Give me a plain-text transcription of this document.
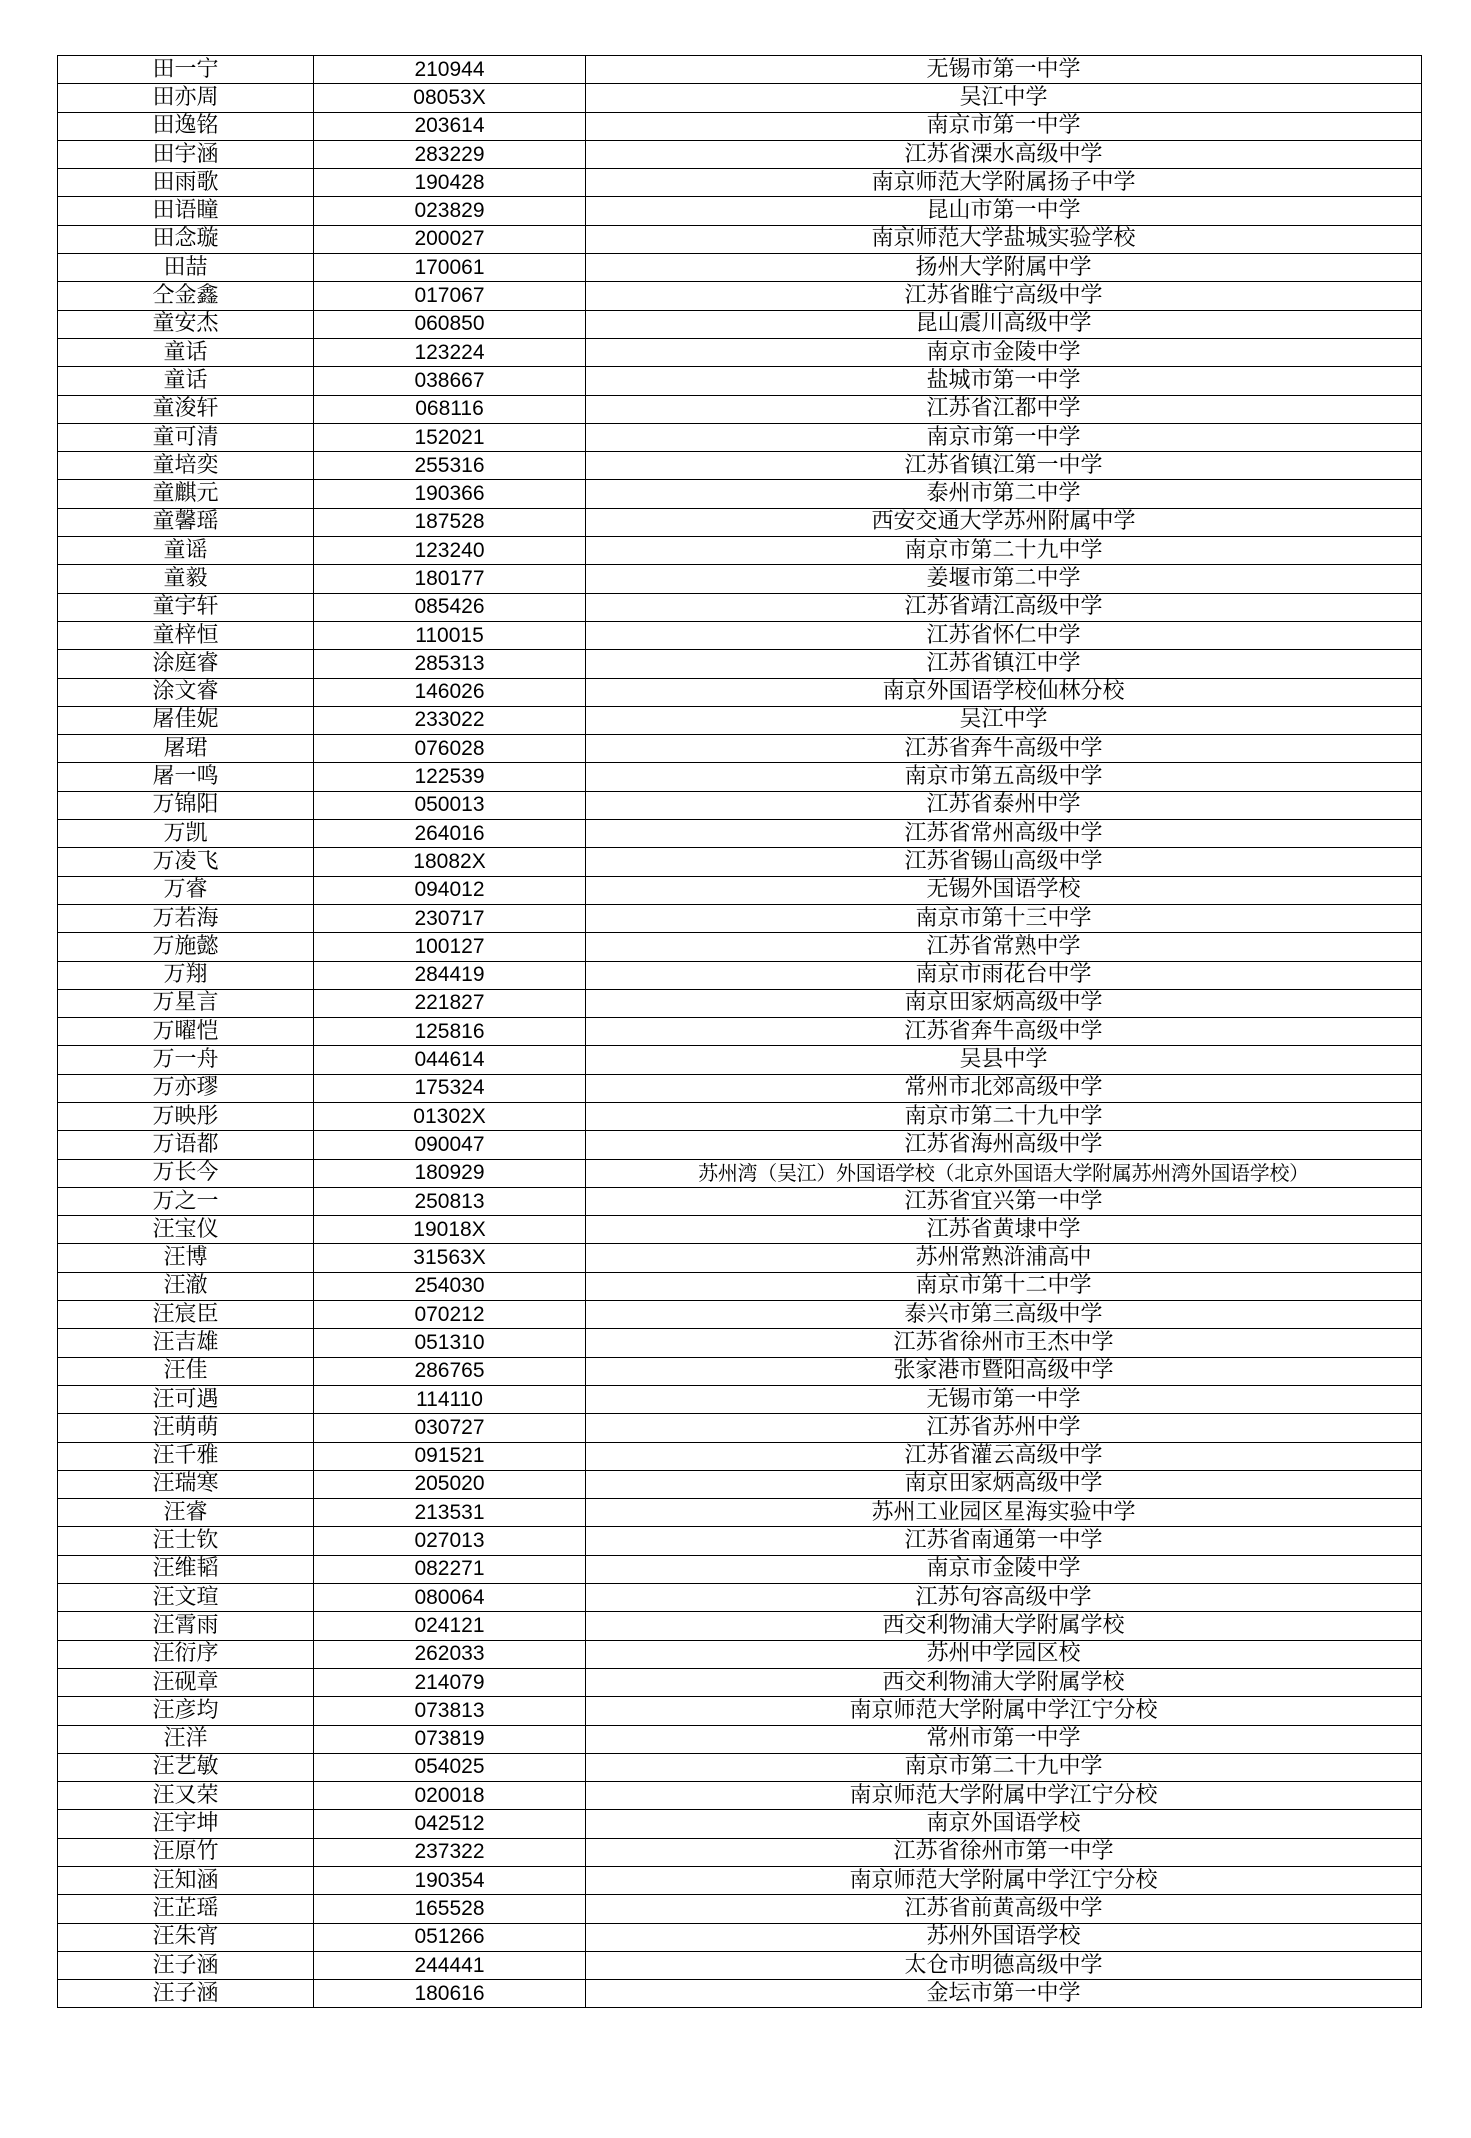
田一宁	210944	无锡市第一中学
田亦周	08053X	吴江中学
田逸铭	203614	南京市第一中学
田宇涵	283229	江苏省溧水高级中学
田雨歌	190428	南京师范大学附属扬子中学
田语瞳	023829	昆山市第一中学
田念璇	200027	南京师范大学盐城实验学校
田喆	170061	扬州大学附属中学
仝金鑫	017067	江苏省睢宁高级中学
童安杰	060850	昆山震川高级中学
童话	123224	南京市金陵中学
童话	038667	盐城市第一中学
童浚轩	068116	江苏省江都中学
童可清	152021	南京市第一中学
童培奕	255316	江苏省镇江第一中学
童麒元	190366	泰州市第二中学
童馨瑶	187528	西安交通大学苏州附属中学
童谣	123240	南京市第二十九中学
童毅	180177	姜堰市第二中学
童宇轩	085426	江苏省靖江高级中学
童梓恒	110015	江苏省怀仁中学
涂庭睿	285313	江苏省镇江中学
涂文睿	146026	南京外国语学校仙林分校
屠佳妮	233022	吴江中学
屠珺	076028	江苏省奔牛高级中学
屠一鸣	122539	南京市第五高级中学
万锦阳	050013	江苏省泰州中学
万凯	264016	江苏省常州高级中学
万凌飞	18082X	江苏省锡山高级中学
万睿	094012	无锡外国语学校
万若海	230717	南京市第十三中学
万施懿	100127	江苏省常熟中学
万翔	284419	南京市雨花台中学
万星言	221827	南京田家炳高级中学
万曜恺	125816	江苏省奔牛高级中学
万一舟	044614	吴县中学
万亦璆	175324	常州市北郊高级中学
万映彤	01302X	南京市第二十九中学
万语都	090047	江苏省海州高级中学
万长今	180929	苏州湾（吴江）外国语学校（北京外国语大学附属苏州湾外国语学校）
万之一	250813	江苏省宜兴第一中学
汪宝仪	19018X	江苏省黄埭中学
汪博	31563X	苏州常熟浒浦高中
汪澈	254030	南京市第十二中学
汪宸臣	070212	泰兴市第三高级中学
汪吉雄	051310	江苏省徐州市王杰中学
汪佳	286765	张家港市暨阳高级中学
汪可遇	114110	无锡市第一中学
汪萌萌	030727	江苏省苏州中学
汪千雅	091521	江苏省灌云高级中学
汪瑞寒	205020	南京田家炳高级中学
汪睿	213531	苏州工业园区星海实验中学
汪士钦	027013	江苏省南通第一中学
汪维韬	082271	南京市金陵中学
汪文瑄	080064	江苏句容高级中学
汪霄雨	024121	西交利物浦大学附属学校
汪衍序	262033	苏州中学园区校
汪砚章	214079	西交利物浦大学附属学校
汪彦均	073813	南京师范大学附属中学江宁分校
汪洋	073819	常州市第一中学
汪艺敏	054025	南京市第二十九中学
汪又荣	020018	南京师范大学附属中学江宁分校
汪宇坤	042512	南京外国语学校
汪原竹	237322	江苏省徐州市第一中学
汪知涵	190354	南京师范大学附属中学江宁分校
汪芷瑶	165528	江苏省前黄高级中学
汪朱宵	051266	苏州外国语学校
汪子涵	244441	太仓市明德高级中学
汪子涵	180616	金坛市第一中学
